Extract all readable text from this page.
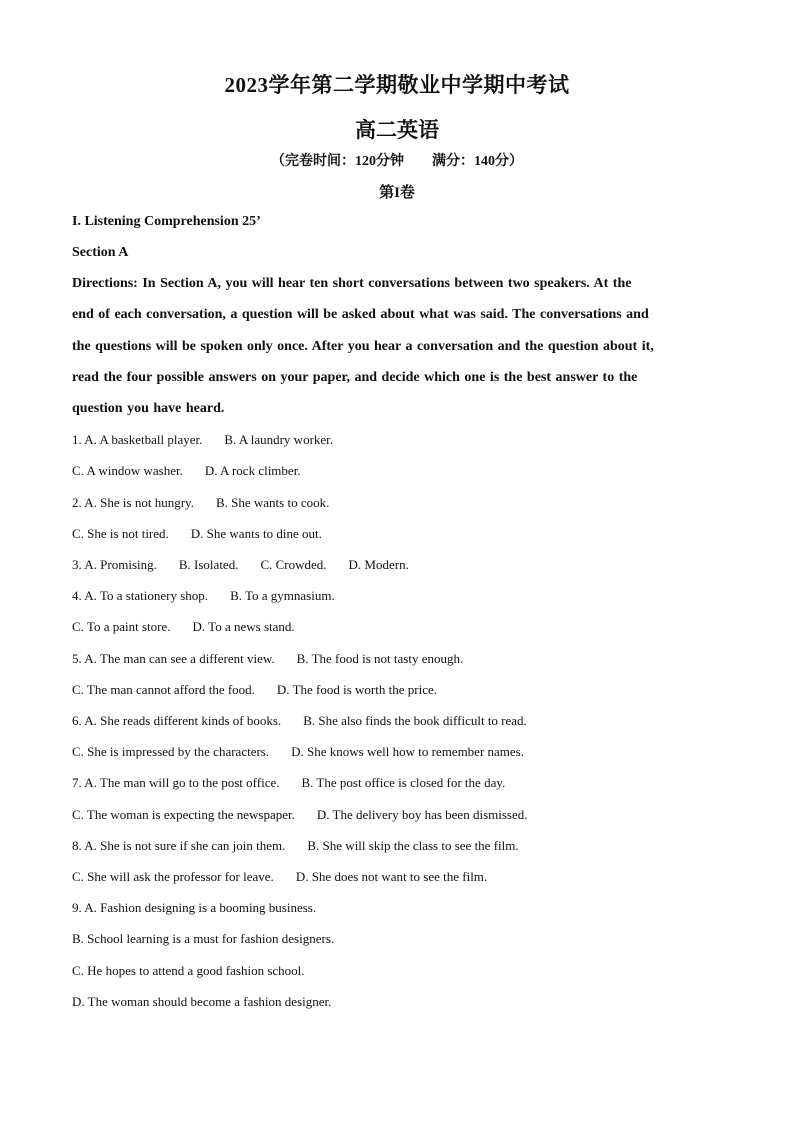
2023学年第二学期敬业中学期中考试
高二英语
（完卷时间：120分钟 满分：140分）
第I卷
I. Listening Comprehension 25’
Section A
Directions: In Section A, you will hear ten short conversations between two speakers. At the
end of each conversation, a question will be asked about what was said. The conversations and
the questions will be spoken only once. After you hear a conversation and the question about it,
read the four possible answers on your paper, and decide which one is the best answer to the
question you have heard.
1. A. A basketball player. B. A laundry worker.
C. A window washer. D. A rock climber.
2. A. She is not hungry. B. She wants to cook.
C. She is not tired. D. She wants to dine out.
3. A. Promising. B. Isolated. C. Crowded. D. Modern.
4. A. To a stationery shop. B. To a gymnasium.
C. To a paint store. D. To a news stand.
5. A. The man can see a different view. B. The food is not tasty enough.
C. The man cannot afford the food. D. The food is worth the price.
6. A. She reads different kinds of books. B. She also finds the book difficult to read.
C. She is impressed by the characters. D. She knows well how to remember names.
7. A. The man will go to the post office. B. The post office is closed for the day.
C. The woman is expecting the newspaper. D. The delivery boy has been dismissed.
8. A. She is not sure if she can join them. B. She will skip the class to see the film.
C. She will ask the professor for leave. D. She does not want to see the film.
9. A. Fashion designing is a booming business.
B. School learning is a must for fashion designers.
C. He hopes to attend a good fashion school.
D. The woman should become a fashion designer.
